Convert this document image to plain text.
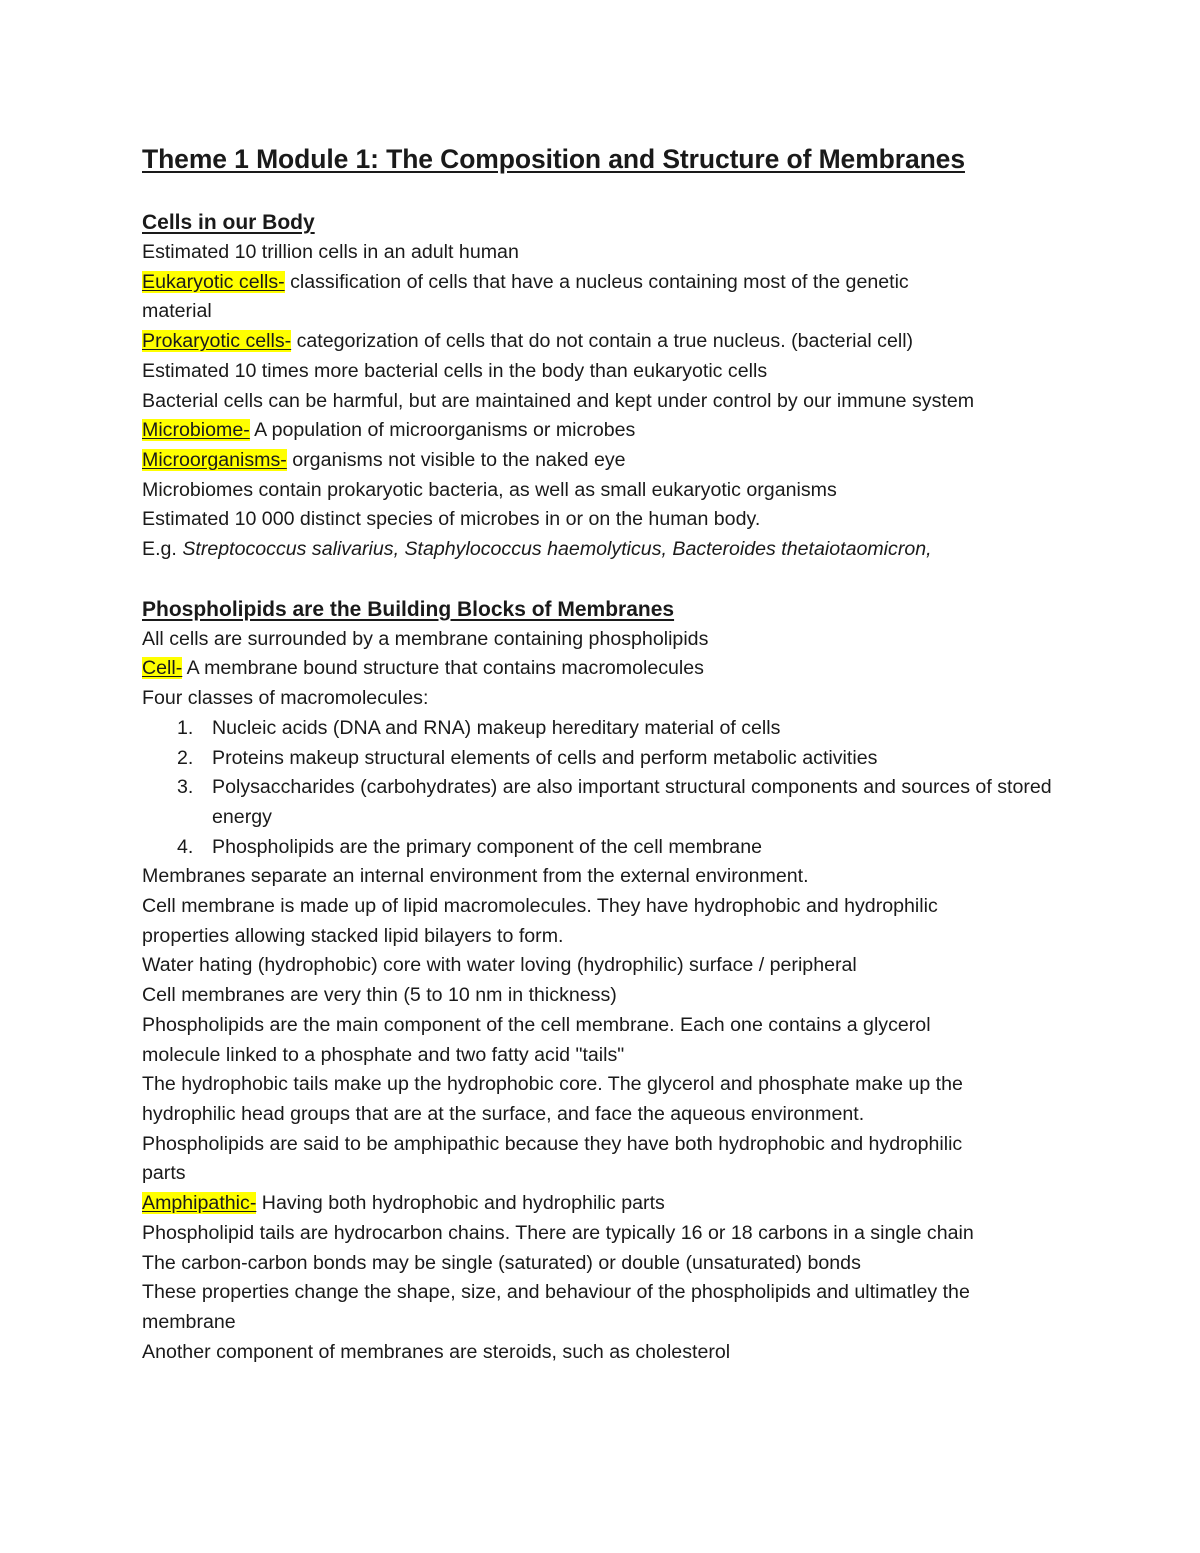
Theme 1 Module 1: The Composition and Structure of Membranes
Cells in our Body

Estimated 10 trillion cells in an adult human

Eukaryotic cells- classification of cells that have a nucleus containing most of the genetic

material

Prokaryotic cells- categorization of cells that do not contain a true nucleus. (bacterial cell)

Estimated 10 times more bacterial cells in the body than eukaryotic cells

Bacterial cells can be harmful, but are maintained and kept under control by our immune system

Microbiome- A population of microorganisms or microbes

Microorganisms- organisms not visible to the naked eye

Microbiomes contain prokaryotic bacteria, as well as small eukaryotic organisms

Estimated 10 000 distinct species of microbes in or on the human body.

E.g. Streptococcus salivarius, Staphylococcus haemolyticus, Bacteroides thetaiotaomicron,

Phospholipids are the Building Blocks of Membranes

All cells are surrounded by a membrane containing phospholipids

Cell- A membrane bound structure that contains macromolecules

Four classes of macromolecules:

1. Nucleic acids (DNA and RNA) makeup hereditary material of cells
2. Proteins makeup structural elements of cells and perform metabolic activities
3. Polysaccharides (carbohydrates) are also important structural components and sources of stored energy
4. Phospholipids are the primary component of the cell membrane

Membranes separate an internal environment from the external environment.

Cell membrane is made up of lipid macromolecules. They have hydrophobic and hydrophilic

properties allowing stacked lipid bilayers to form.

Water hating (hydrophobic) core with water loving (hydrophilic) surface / peripheral

Cell membranes are very thin (5 to 10 nm in thickness)

Phospholipids are the main component of the cell membrane. Each one contains a glycerol

molecule linked to a phosphate and two fatty acid "tails"

The hydrophobic tails make up the hydrophobic core. The glycerol and phosphate make up the

hydrophilic head groups that are at the surface, and face the aqueous environment.

Phospholipids are said to be amphipathic because they have both hydrophobic and hydrophilic

parts

Amphipathic- Having both hydrophobic and hydrophilic parts

Phospholipid tails are hydrocarbon chains. There are typically 16 or 18 carbons in a single chain

The carbon-carbon bonds may be single (saturated) or double (unsaturated) bonds

These properties change the shape, size, and behaviour of the phospholipids and ultimatley the

membrane

Another component of membranes are steroids, such as cholesterol
